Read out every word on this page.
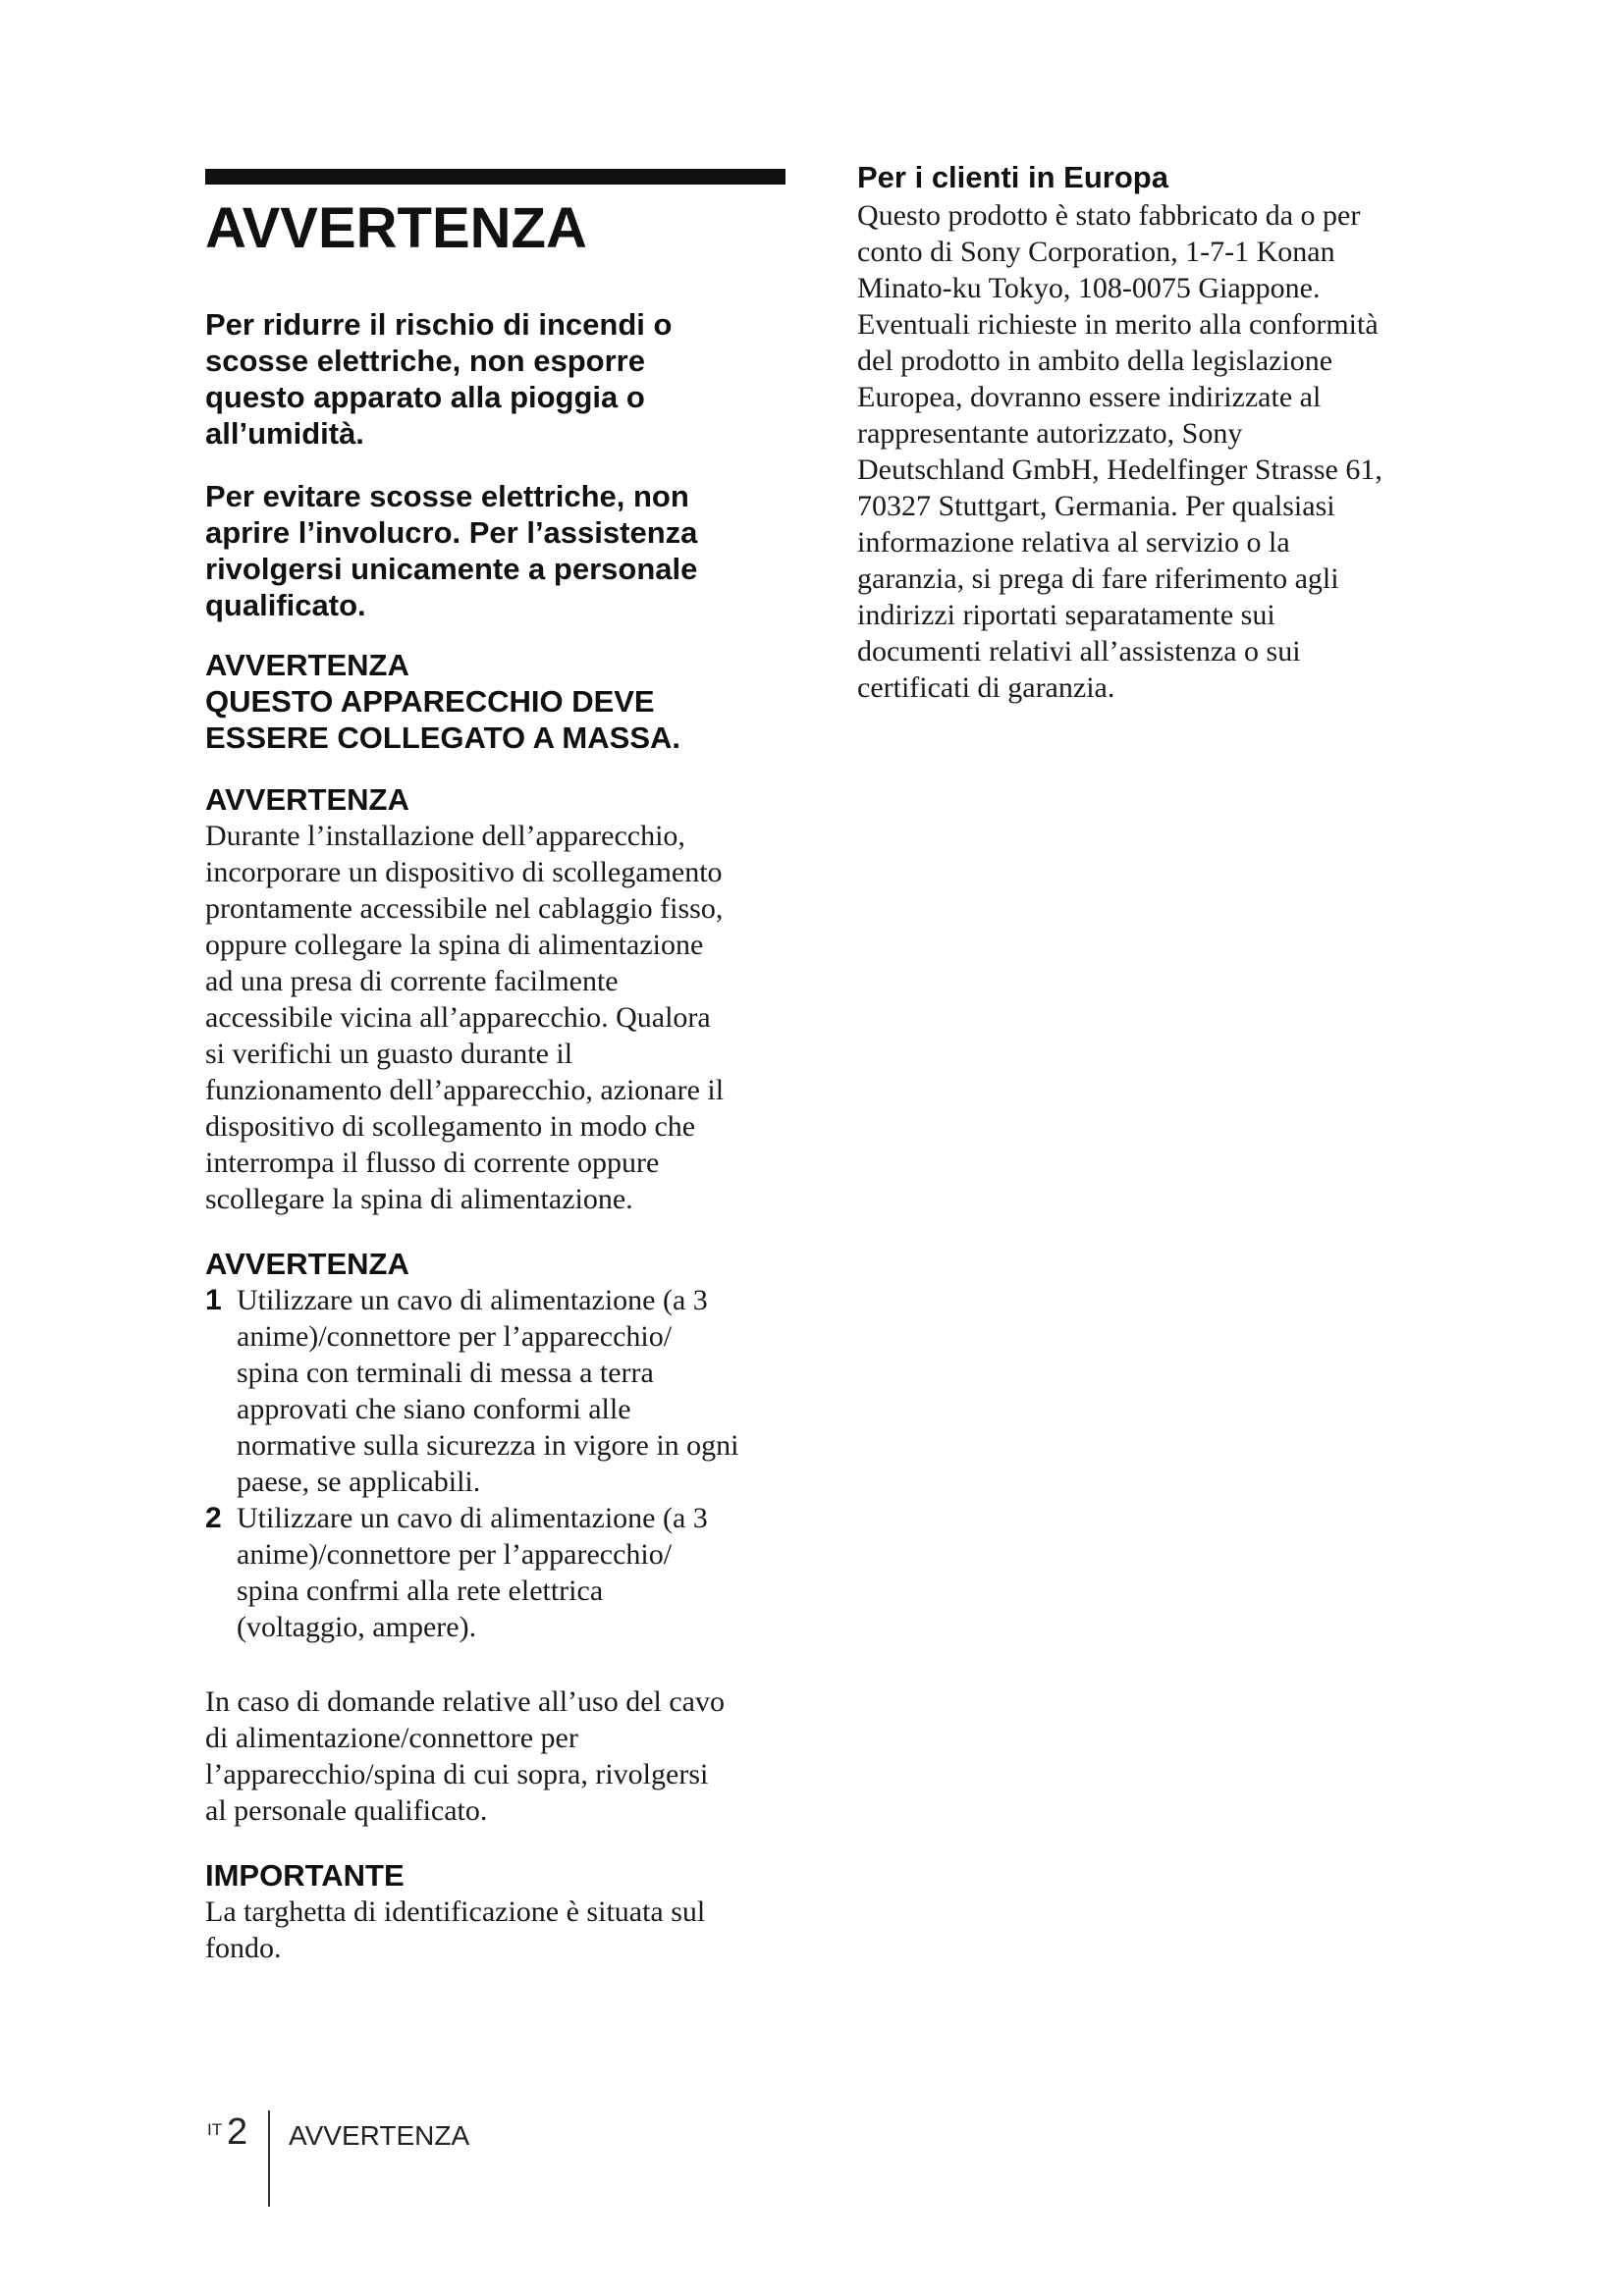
AVVERTENZA
Per ridurre il rischio di incendi o
scosse elettriche, non esporre
questo apparato alla pioggia o
all’umidità.
Per evitare scosse elettriche, non
aprire l’involucro. Per l’assistenza
rivolgersi unicamente a personale
qualificato.
AVVERTENZA
QUESTO APPARECCHIO DEVE
ESSERE COLLEGATO A MASSA.
AVVERTENZA
Durante l’installazione dell’apparecchio,
incorporare un dispositivo di scollegamento
prontamente accessibile nel cablaggio fisso,
oppure collegare la spina di alimentazione
ad una presa di corrente facilmente
accessibile vicina all’apparecchio. Qualora
si verifichi un guasto durante il
funzionamento dell’apparecchio, azionare il
dispositivo di scollegamento in modo che
interrompa il flusso di corrente oppure
scollegare la spina di alimentazione.
AVVERTENZA
1 Utilizzare un cavo di alimentazione (a 3
anime)/connettore per l’apparecchio/
spina con terminali di messa a terra
approvati che siano conformi alle
normative sulla sicurezza in vigore in ogni
paese, se applicabili.
2 Utilizzare un cavo di alimentazione (a 3
anime)/connettore per l’apparecchio/
spina confrmi alla rete elettrica
(voltaggio, ampere).
In caso di domande relative all’uso del cavo
di alimentazione/connettore per
l’apparecchio/spina di cui sopra, rivolgersi
al personale qualificato.
IMPORTANTE
La targhetta di identificazione è situata sul
fondo.
Per i clienti in Europa
Questo prodotto è stato fabbricato da o per
conto di Sony Corporation, 1-7-1 Konan
Minato-ku Tokyo, 108-0075 Giappone.
Eventuali richieste in merito alla conformità
del prodotto in ambito della legislazione
Europea, dovranno essere indirizzate al
rappresentante autorizzato, Sony
Deutschland GmbH, Hedelfinger Strasse 61,
70327 Stuttgart, Germania. Per qualsiasi
informazione relativa al servizio o la
garanzia, si prega di fare riferimento agli
indirizzi riportati separatamente sui
documenti relativi all’assistenza o sui
certificati di garanzia.
IT 2 AVVERTENZA
